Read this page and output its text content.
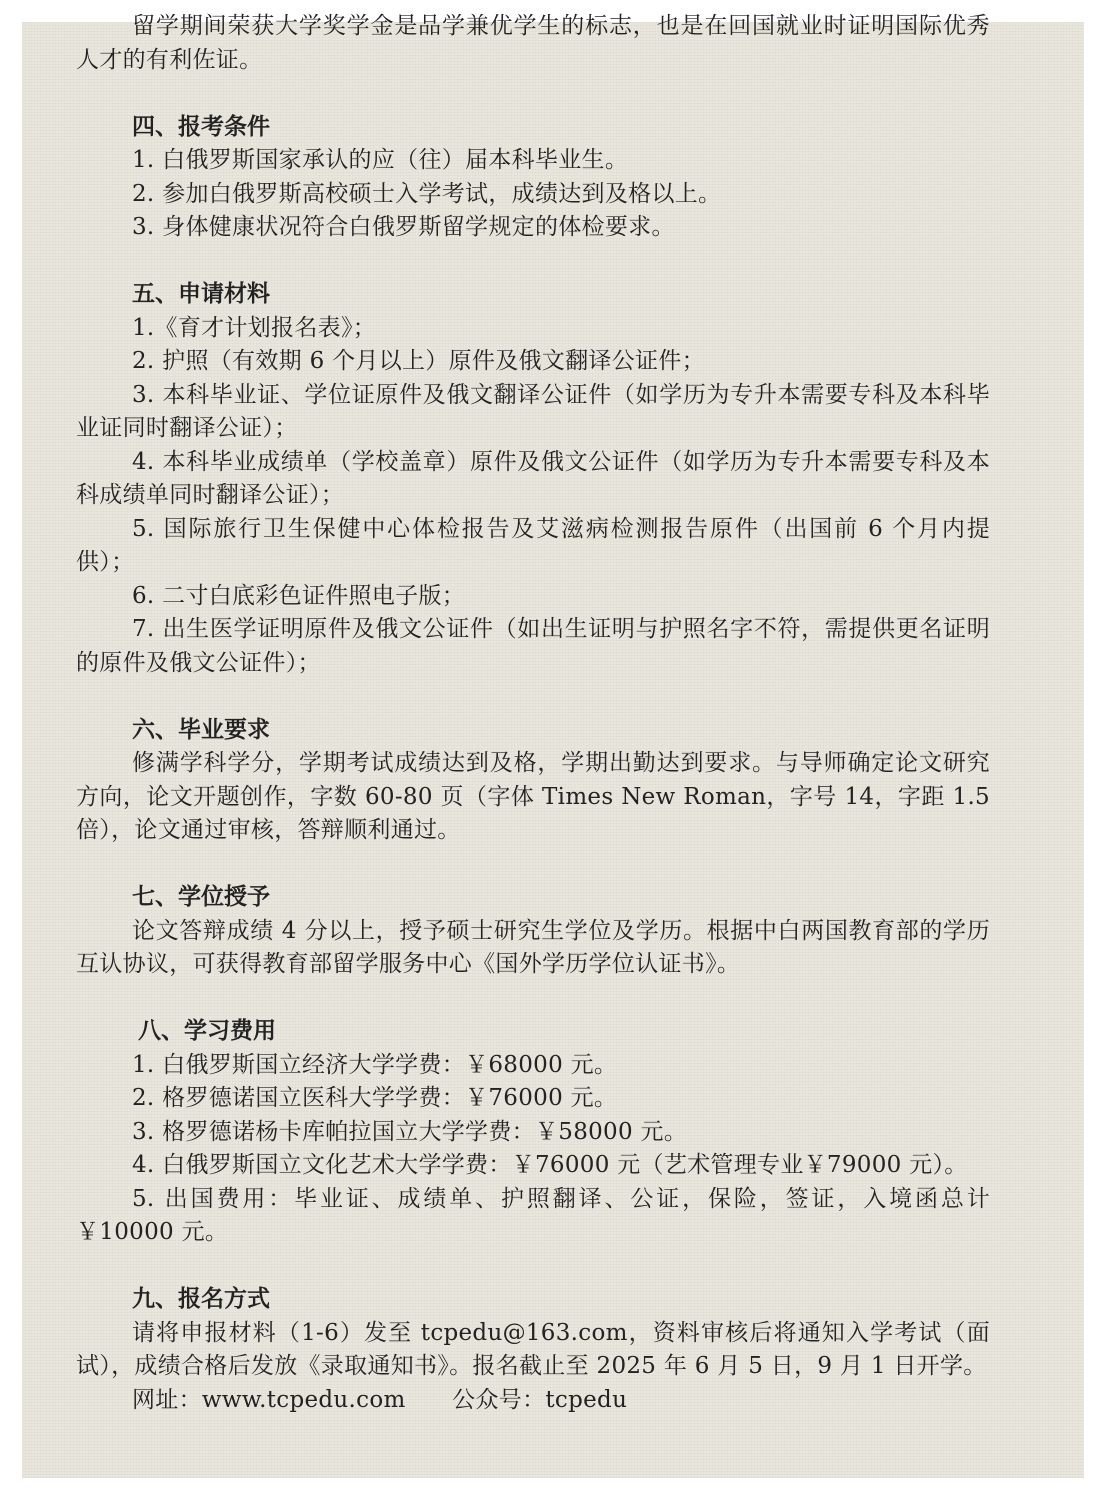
留学期间荣获大学奖学金是品学兼优学生的标志，也是在回国就业时证明国际优秀人才的有利佐证。

四、报考条件

1. 白俄罗斯国家承认的应（往）届本科毕业生。

2. 参加白俄罗斯高校硕士入学考试，成绩达到及格以上。

3. 身体健康状况符合白俄罗斯留学规定的体检要求。

五、申请材料

1.《育才计划报名表》；

2. 护照（有效期 6 个月以上）原件及俄文翻译公证件；

3. 本科毕业证、学位证原件及俄文翻译公证件（如学历为专升本需要专科及本科毕业证同时翻译公证）；

4. 本科毕业成绩单（学校盖章）原件及俄文公证件（如学历为专升本需要专科及本科成绩单同时翻译公证）；

5. 国际旅行卫生保健中心体检报告及艾滋病检测报告原件（出国前 6 个月内提供）；

6. 二寸白底彩色证件照电子版；

7. 出生医学证明原件及俄文公证件（如出生证明与护照名字不符，需提供更名证明的原件及俄文公证件）；

六、毕业要求

修满学科学分，学期考试成绩达到及格，学期出勤达到要求。与导师确定论文研究方向，论文开题创作，字数 60-80 页（字体 Times New Roman，字号 14，字距 1.5 倍），论文通过审核，答辩顺利通过。

七、学位授予

论文答辩成绩 4 分以上，授予硕士研究生学位及学历。根据中白两国教育部的学历互认协议，可获得教育部留学服务中心《国外学历学位认证书》。

八、学习费用

1. 白俄罗斯国立经济大学学费：￥68000 元。

2. 格罗德诺国立医科大学学费：￥76000 元。

3. 格罗德诺杨卡库帕拉国立大学学费：￥58000 元。

4. 白俄罗斯国立文化艺术大学学费：￥76000 元（艺术管理专业￥79000 元）。

5. 出国费用：毕业证、成绩单、护照翻译、公证，保险，签证，入境函总计￥10000 元。

九、报名方式

请将申报材料（1-6）发至 tcpedu@163.com，资料审核后将通知入学考试（面试），成绩合格后发放《录取通知书》。报名截止至 2025 年 6 月 5 日，9 月 1 日开学。

网址：www.tcpedu.com　　公众号：tcpedu
